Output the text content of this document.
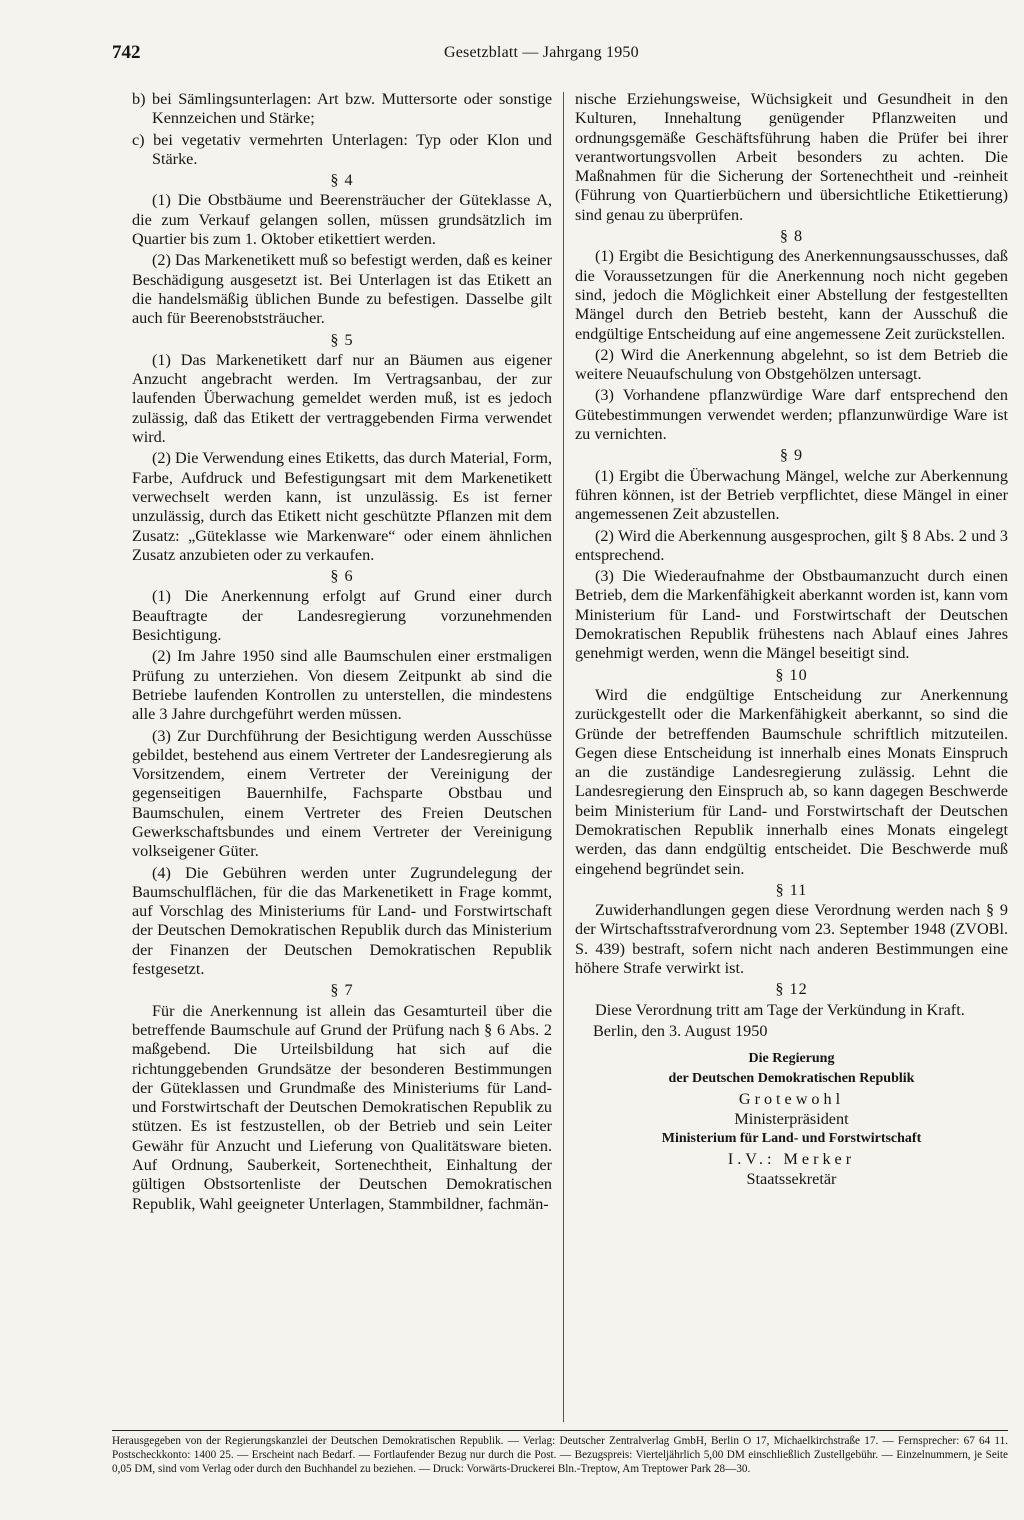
742	Gesetzblatt — Jahrgang 1950

b) bei Sämlingsunterlagen: Art bzw. Muttersorte oder sonstige Kennzeichen und Stärke;

c) bei vegetativ vermehrten Unterlagen: Typ oder Klon und Stärke.

§ 4

(1) Die Obstbäume und Beerensträucher der Güteklasse A, die zum Verkauf gelangen sollen, müssen grundsätzlich im Quartier bis zum 1. Oktober etikettiert werden.

(2) Das Markenetikett muß so befestigt werden, daß es keiner Beschädigung ausgesetzt ist. Bei Unterlagen ist das Etikett an die handelsmäßig üblichen Bunde zu befestigen. Dasselbe gilt auch für Beerenobststräucher.

§ 5

(1) Das Markenetikett darf nur an Bäumen aus eigener Anzucht angebracht werden. Im Vertragsanbau, der zur laufenden Überwachung gemeldet werden muß, ist es jedoch zulässig, daß das Etikett der vertraggebenden Firma verwendet wird.

(2) Die Verwendung eines Etiketts, das durch Material, Form, Farbe, Aufdruck und Befestigungsart mit dem Markenetikett verwechselt werden kann, ist unzulässig. Es ist ferner unzulässig, durch das Etikett nicht geschützte Pflanzen mit dem Zusatz: „Güteklasse wie Markenware“ oder einem ähnlichen Zusatz anzubieten oder zu verkaufen.

§ 6

(1) Die Anerkennung erfolgt auf Grund einer durch Beauftragte der Landesregierung vorzunehmenden Besichtigung.

(2) Im Jahre 1950 sind alle Baumschulen einer erstmaligen Prüfung zu unterziehen. Von diesem Zeitpunkt ab sind die Betriebe laufenden Kontrollen zu unterstellen, die mindestens alle 3 Jahre durchgeführt werden müssen.

(3) Zur Durchführung der Besichtigung werden Ausschüsse gebildet, bestehend aus einem Vertreter der Landesregierung als Vorsitzendem, einem Vertreter der Vereinigung der gegenseitigen Bauernhilfe, Fachsparte Obstbau und Baumschulen, einem Vertreter des Freien Deutschen Gewerkschaftsbundes und einem Vertreter der Vereinigung volkseigener Güter.

(4) Die Gebühren werden unter Zugrundelegung der Baumschulflächen, für die das Markenetikett in Frage kommt, auf Vorschlag des Ministeriums für Land- und Forstwirtschaft der Deutschen Demokratischen Republik durch das Ministerium der Finanzen der Deutschen Demokratischen Republik festgesetzt.

§ 7

Für die Anerkennung ist allein das Gesamturteil über die betreffende Baumschule auf Grund der Prüfung nach § 6 Abs. 2 maßgebend. Die Urteilsbildung hat sich auf die richtunggebenden Grundsätze der besonderen Bestimmungen der Güteklassen und Grundmaße des Ministeriums für Land- und Forstwirtschaft der Deutschen Demokratischen Republik zu stützen. Es ist festzustellen, ob der Betrieb und sein Leiter Gewähr für Anzucht und Lieferung von Qualitätsware bieten. Auf Ordnung, Sauberkeit, Sortenechtheit, Einhaltung der gültigen Obstsortenliste der Deutschen Demokratischen Republik, Wahl geeigneter Unterlagen, Stammbildner, fachmän-

nische Erziehungsweise, Wüchsigkeit und Gesundheit in den Kulturen, Innehaltung genügender Pflanzweiten und ordnungsgemäße Geschäftsführung haben die Prüfer bei ihrer verantwortungsvollen Arbeit besonders zu achten. Die Maßnahmen für die Sicherung der Sortenechtheit und -reinheit (Führung von Quartierbüchern und übersichtliche Etikettierung) sind genau zu überprüfen.

§ 8

(1) Ergibt die Besichtigung des Anerkennungsausschusses, daß die Voraussetzungen für die Anerkennung noch nicht gegeben sind, jedoch die Möglichkeit einer Abstellung der festgestellten Mängel durch den Betrieb besteht, kann der Ausschuß die endgültige Entscheidung auf eine angemessene Zeit zurückstellen.

(2) Wird die Anerkennung abgelehnt, so ist dem Betrieb die weitere Neuaufschulung von Obstgehölzen untersagt.

(3) Vorhandene pflanzwürdige Ware darf entsprechend den Gütebestimmungen verwendet werden; pflanzunwürdige Ware ist zu vernichten.

§ 9

(1) Ergibt die Überwachung Mängel, welche zur Aberkennung führen können, ist der Betrieb verpflichtet, diese Mängel in einer angemessenen Zeit abzustellen.

(2) Wird die Aberkennung ausgesprochen, gilt § 8 Abs. 2 und 3 entsprechend.

(3) Die Wiederaufnahme der Obstbaumanzucht durch einen Betrieb, dem die Markenfähigkeit aberkannt worden ist, kann vom Ministerium für Land- und Forstwirtschaft der Deutschen Demokratischen Republik frühestens nach Ablauf eines Jahres genehmigt werden, wenn die Mängel beseitigt sind.

§ 10

Wird die endgültige Entscheidung zur Anerkennung zurückgestellt oder die Markenfähigkeit aberkannt, so sind die Gründe der betreffenden Baumschule schriftlich mitzuteilen. Gegen diese Entscheidung ist innerhalb eines Monats Einspruch an die zuständige Landesregierung zulässig. Lehnt die Landesregierung den Einspruch ab, so kann dagegen Beschwerde beim Ministerium für Land- und Forstwirtschaft der Deutschen Demokratischen Republik innerhalb eines Monats eingelegt werden, das dann endgültig entscheidet. Die Beschwerde muß eingehend begründet sein.

§ 11

Zuwiderhandlungen gegen diese Verordnung werden nach § 9 der Wirtschaftsstrafverordnung vom 23. September 1948 (ZVOBl. S. 439) bestraft, sofern nicht nach anderen Bestimmungen eine höhere Strafe verwirkt ist.

§ 12

Diese Verordnung tritt am Tage der Verkündung in Kraft.

Berlin, den 3. August 1950

Die Regierung

der Deutschen Demokratischen Republik

Grotewohl

Ministerpräsident

Ministerium für Land- und Forstwirtschaft

I.V.: Merker

Staatssekretär

Herausgegeben von der Regierungskanzlei der Deutschen Demokratischen Republik. — Verlag: Deutscher Zentralverlag GmbH, Berlin O 17, Michaelkirchstraße 17. — Fernsprecher: 67 64 11. Postscheckkonto: 1400 25. — Erscheint nach Bedarf. — Fortlaufender Bezug nur durch die Post. — Bezugspreis: Vierteljährlich 5,00 DM einschließlich Zustellgebühr. — Einzelnummern, je Seite 0,05 DM, sind vom Verlag oder durch den Buchhandel zu beziehen. — Druck: Vorwärts-Druckerei Bln.-Treptow, Am Treptower Park 28—30.
